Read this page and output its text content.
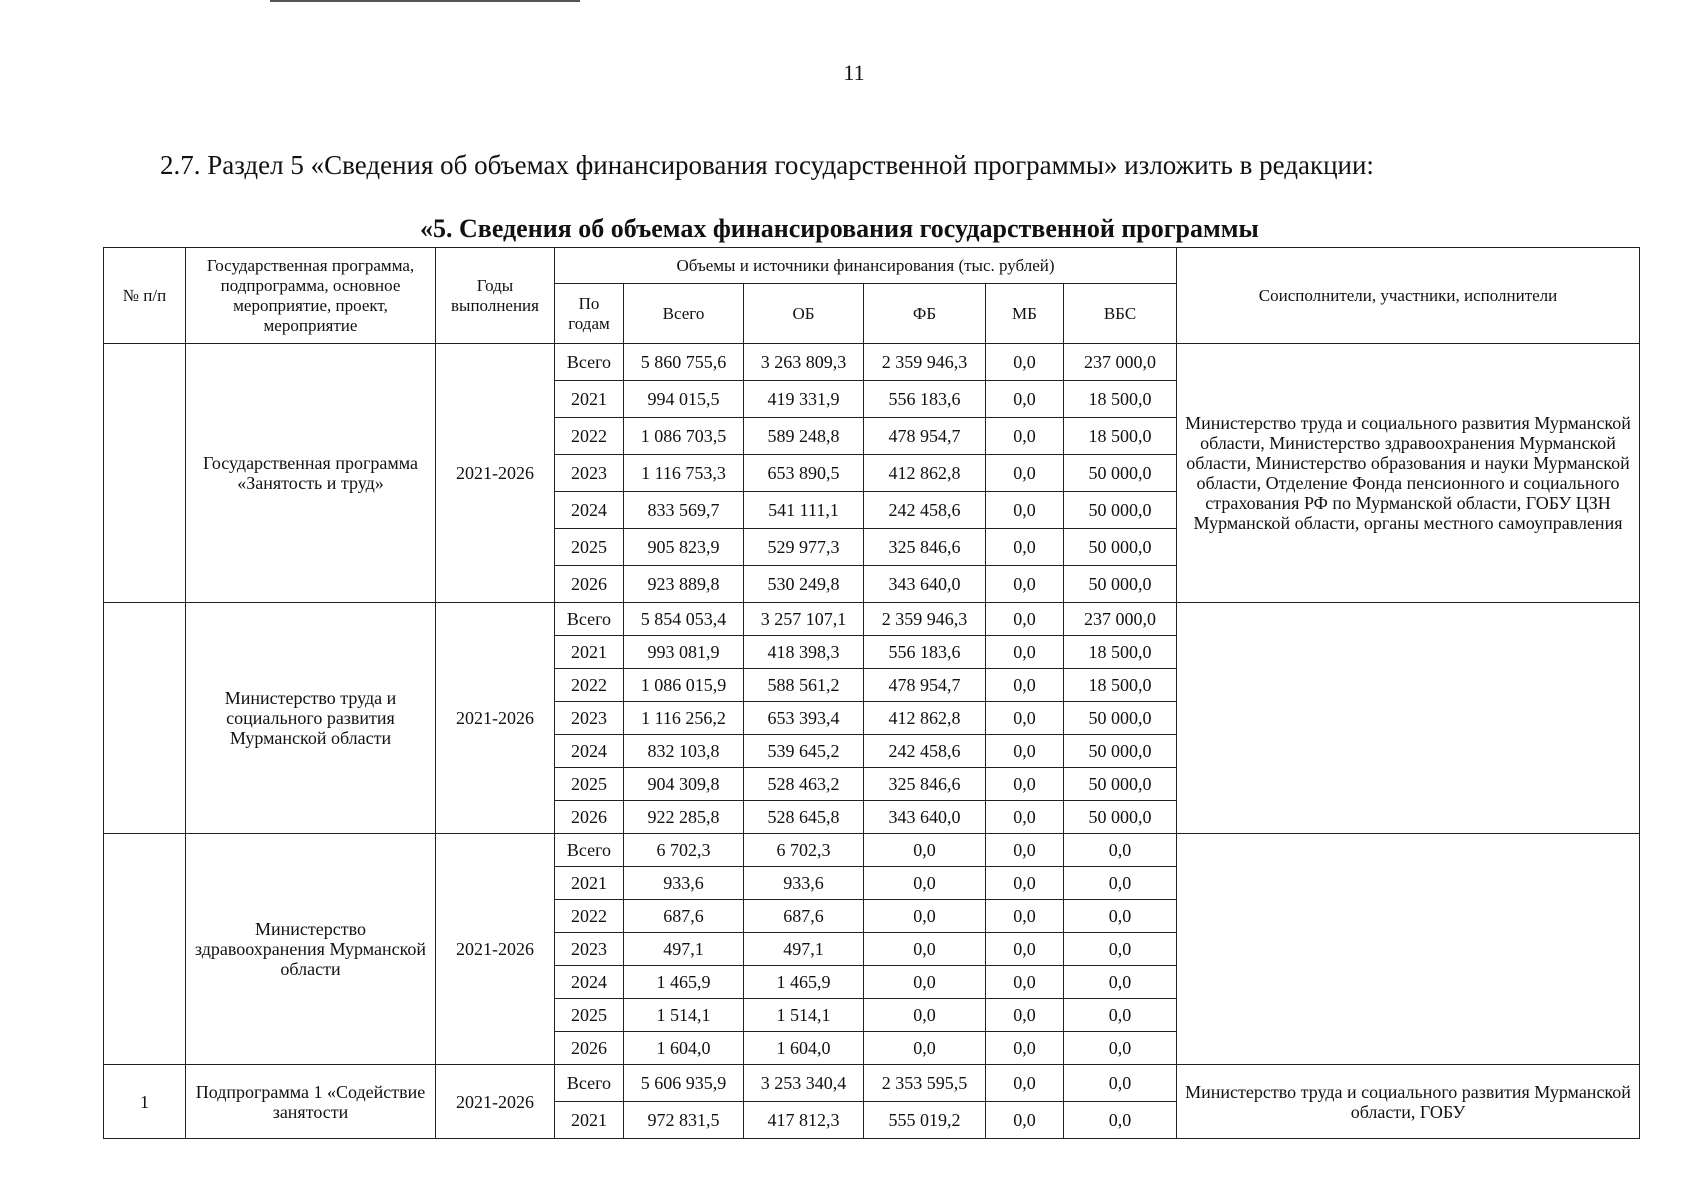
11
2.7. Раздел 5 «Сведения об объемах финансирования государственной программы» изложить в редакции:
«5. Сведения об объемах финансирования государственной программы
№ п/п	Государственная программа, подпрограмма, основное мероприятие, проект, мероприятие	Годы выполнения	Объемы и источники финансирования (тыс. рублей)						Соисполнители, участники, исполнители
			По годам	Всего	ОБ	ФБ	МБ	ВБС	
	Государственная программа «Занятость и труд»	2021-2026	Всего	5 860 755,6	3 263 809,3	2 359 946,3	0,0	237 000,0	Министерство труда и социального развития Мурманской области, Министерство здравоохранения Мурманской области, Министерство образования и науки Мурманской области, Отделение Фонда пенсионного и социального страхования РФ по Мурманской области, ГОБУ ЦЗН Мурманской области, органы местного самоуправления
			2021	994 015,5	419 331,9	556 183,6	0,0	18 500,0	
			2022	1 086 703,5	589 248,8	478 954,7	0,0	18 500,0	
			2023	1 116 753,3	653 890,5	412 862,8	0,0	50 000,0	
			2024	833 569,7	541 111,1	242 458,6	0,0	50 000,0	
			2025	905 823,9	529 977,3	325 846,6	0,0	50 000,0	
			2026	923 889,8	530 249,8	343 640,0	0,0	50 000,0	
	Министерство труда и социального развития Мурманской области	2021-2026	Всего	5 854 053,4	3 257 107,1	2 359 946,3	0,0	237 000,0	
			2021	993 081,9	418 398,3	556 183,6	0,0	18 500,0	
			2022	1 086 015,9	588 561,2	478 954,7	0,0	18 500,0	
			2023	1 116 256,2	653 393,4	412 862,8	0,0	50 000,0	
			2024	832 103,8	539 645,2	242 458,6	0,0	50 000,0	
			2025	904 309,8	528 463,2	325 846,6	0,0	50 000,0	
			2026	922 285,8	528 645,8	343 640,0	0,0	50 000,0	
	Министерство здравоохранения Мурманской области	2021-2026	Всего	6 702,3	6 702,3	0,0	0,0	0,0	
			2021	933,6	933,6	0,0	0,0	0,0	
			2022	687,6	687,6	0,0	0,0	0,0	
			2023	497,1	497,1	0,0	0,0	0,0	
			2024	1 465,9	1 465,9	0,0	0,0	0,0	
			2025	1 514,1	1 514,1	0,0	0,0	0,0	
			2026	1 604,0	1 604,0	0,0	0,0	0,0	
1	Подпрограмма 1 «Содействие занятости	2021-2026	Всего	5 606 935,9	3 253 340,4	2 353 595,5	0,0	0,0	Министерство труда и социального развития Мурманской области, ГОБУ
			2021	972 831,5	417 812,3	555 019,2	0,0	0,0	
